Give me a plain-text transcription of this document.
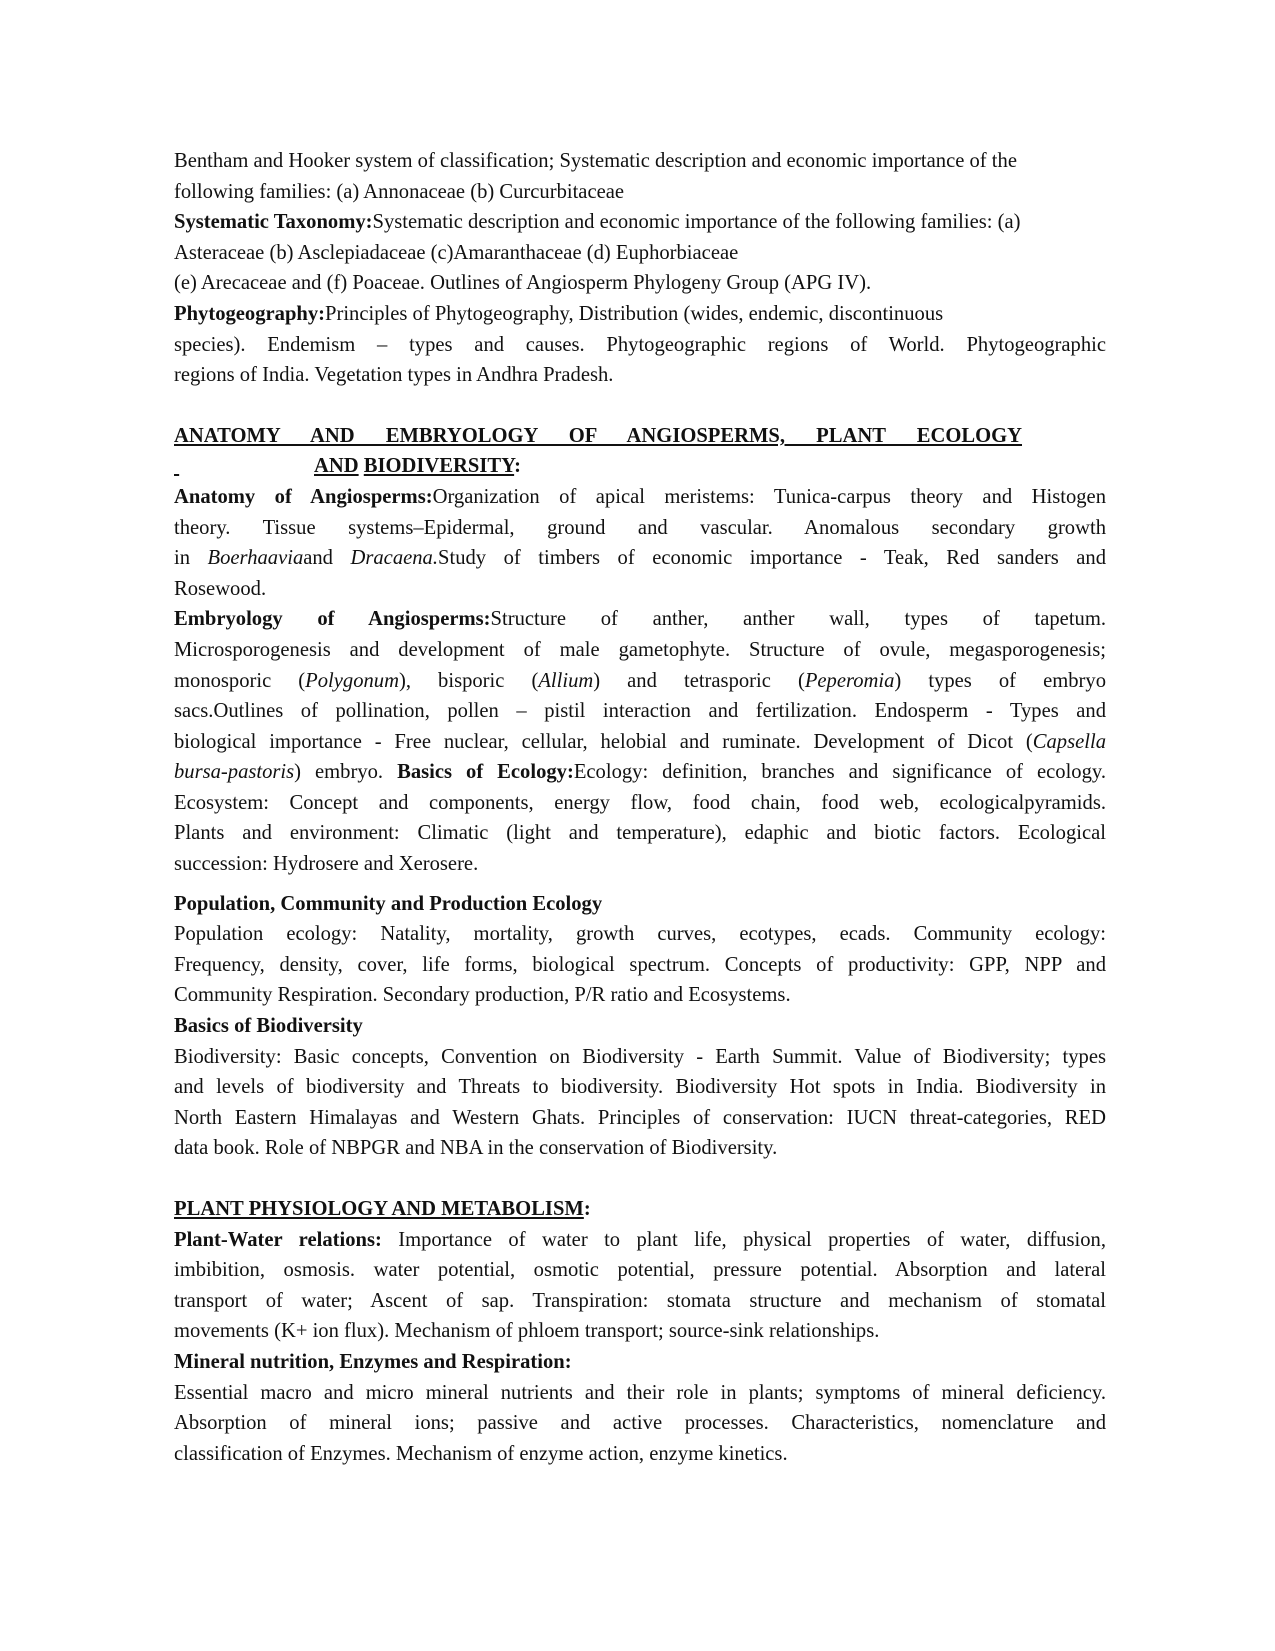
Bentham and Hooker system of classification; Systematic description and economic importance of the
following families: (a) Annonaceae (b) Curcurbitaceae
Systematic Taxonomy:Systematic description and economic importance of the following families: (a)
Asteraceae (b) Asclepiadaceae (c)Amaranthaceae (d) Euphorbiaceae
(e) Arecaceae and (f) Poaceae. Outlines of Angiosperm Phylogeny Group (APG IV).
Phytogeography:Principles of Phytogeography, Distribution (wides, endemic, discontinuous
species). Endemism – types and causes. Phytogeographic regions of World. Phytogeographic
regions of India. Vegetation types in Andhra Pradesh.
ANATOMY AND EMBRYOLOGY OF ANGIOSPERMS, PLANT ECOLOGY
AND BIODIVERSITY:
Anatomy of Angiosperms:Organization of apical meristems: Tunica-carpus theory and Histogen
theory. Tissue systems–Epidermal, ground and vascular. Anomalous secondary growth
in Boerhaaviaand Dracaena.Study of timbers of economic importance - Teak, Red sanders and
Rosewood.
Embryology of Angiosperms:Structure of anther, anther wall, types of tapetum.
Microsporogenesis and development of male gametophyte. Structure of ovule, megasporogenesis;
monosporic (Polygonum), bisporic (Allium) and tetrasporic (Peperomia) types of embryo
sacs.Outlines of pollination, pollen – pistil interaction and fertilization. Endosperm - Types and
biological importance - Free nuclear, cellular, helobial and ruminate. Development of Dicot (Capsella
bursa-pastoris) embryo. Basics of Ecology:Ecology: definition, branches and significance of ecology.
Ecosystem: Concept and components, energy flow, food chain, food web, ecologicalpyramids.
Plants and environment: Climatic (light and temperature), edaphic and biotic factors. Ecological
succession: Hydrosere and Xerosere.
Population, Community and Production Ecology
Population ecology: Natality, mortality, growth curves, ecotypes, ecads. Community ecology:
Frequency, density, cover, life forms, biological spectrum. Concepts of productivity: GPP, NPP and
Community Respiration. Secondary production, P/R ratio and Ecosystems.
Basics of Biodiversity
Biodiversity: Basic concepts, Convention on Biodiversity - Earth Summit. Value of Biodiversity; types
and levels of biodiversity and Threats to biodiversity. Biodiversity Hot spots in India. Biodiversity in
North Eastern Himalayas and Western Ghats. Principles of conservation: IUCN threat-categories, RED
data book. Role of NBPGR and NBA in the conservation of Biodiversity.
PLANT PHYSIOLOGY AND METABOLISM:
Plant-Water relations: Importance of water to plant life, physical properties of water, diffusion,
imbibition, osmosis. water potential, osmotic potential, pressure potential. Absorption and lateral
transport of water; Ascent of sap. Transpiration: stomata structure and mechanism of stomatal
movements (K+ ion flux). Mechanism of phloem transport; source-sink relationships.
Mineral nutrition, Enzymes and Respiration:
Essential macro and micro mineral nutrients and their role in plants; symptoms of mineral deficiency.
Absorption of mineral ions; passive and active processes. Characteristics, nomenclature and
classification of Enzymes. Mechanism of enzyme action, enzyme kinetics.
